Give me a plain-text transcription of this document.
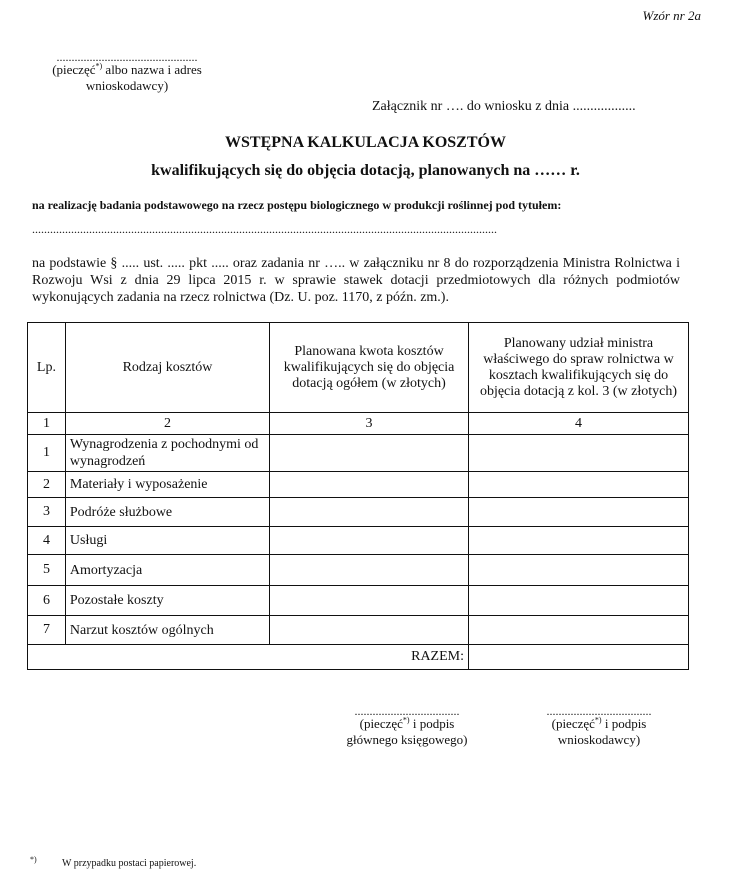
Wzór nr 2a
...............................................
(pieczęć*) albo nazwa i adres
wnioskodawcy)
Załącznik nr …. do wniosku z dnia ..................
WSTĘPNA KALKULACJA KOSZTÓW
kwalifikujących się do objęcia dotacją, planowanych na …… r.
na realizację badania podstawowego na rzecz postępu biologicznego w produkcji roślinnej pod tytułem:
...........................................................................................................................................................
na podstawie § ..... ust. ..... pkt ..... oraz zadania nr ….. w załączniku nr 8 do rozporządzenia Ministra Rolnictwa i Rozwoju Wsi z dnia 29 lipca 2015 r. w sprawie stawek dotacji przedmiotowych dla różnych podmiotów wykonujących zadania na rzecz rolnictwa (Dz. U. poz. 1170, z późn. zm.).
Lp.	Rodzaj kosztów	Planowana kwota kosztów kwalifikujących się do objęcia dotacją ogółem (w złotych)	Planowany udział ministra właściwego do spraw rolnictwa w kosztach kwalifikujących się do objęcia dotacją z kol. 3 (w złotych)
1	2	3	4
1	Wynagrodzenia z pochodnymi od wynagrodzeń		
2	Materiały i wyposażenie		
3	Podróże służbowe		
4	Usługi		
5	Amortyzacja		
6	Pozostałe koszty		
7	Narzut kosztów ogólnych		
RAZEM:			
...................................
(pieczęć*) i podpis
głównego księgowego)
...................................
(pieczęć*) i podpis
wnioskodawcy)
*)	W przypadku postaci papierowej.
